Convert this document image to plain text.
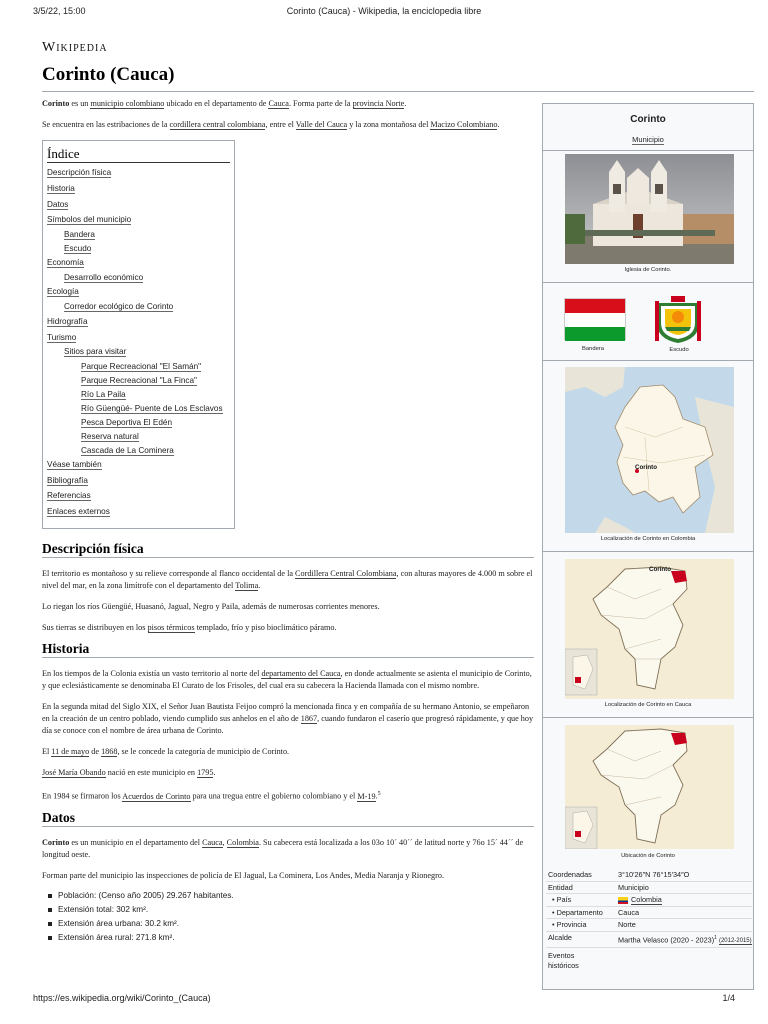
3/5/22, 15:00	Corinto (Cauca) - Wikipedia, la enciclopedia libre
Wikipedia
Corinto (Cauca)

Corinto es un municipio colombiano ubicado en el departamento de Cauca. Forma parte de la provincia Norte.

Se encuentra en las estribaciones de la cordillera central colombiana, entre el Valle del Cauca y la zona montañosa del Macizo Colombiano.

Índice
Descripción física
Historia
Datos
Símbolos del municipio
Bandera
Escudo
Economía
Desarrollo económico
Ecología
Corredor ecológico de Corinto
Hidrografía
Turismo
Sitios para visitar
Parque Recreacional "El Samán"
Parque Recreacional "La Finca"
Río La Paila
Río Güengüé- Puente de Los Esclavos
Pesca Deportiva El Edén
Reserva natural
Cascada de La Cominera
Véase también
Bibliografía
Referencias
Enlaces externos
Descripción física

El territorio es montañoso y su relieve corresponde al flanco occidental de la Cordillera Central Colombiana, con alturas mayores de 4.000 m sobre el nivel del mar, en la zona limítrofe con el departamento del Tolima.

Lo riegan los ríos Güengüé, Huasanó, Jagual, Negro y Paila, además de numerosas corrientes menores.

Sus tierras se distribuyen en los pisos térmicos templado, frío y piso bioclimático páramo.

Historia

En los tiempos de la Colonia existía un vasto territorio al norte del departamento del Cauca, en donde actualmente se asienta el municipio de Corinto, y que eclesiásticamente se denominaba El Curato de los Frisoles, del cual era su cabecera la Hacienda llamada con el mismo nombre.

En la segunda mitad del Siglo XIX, el Señor Juan Bautista Feijoo compró la mencionada finca y en compañía de su hermano Antonio, se empeñaron en la creación de un centro poblado, viendo cumplido sus anhelos en el año de 1867, cuando fundaron el caserío que progresó rápidamente, y que hoy día se conoce con el nombre de área urbana de Corinto.

El 11 de mayo de 1868, se le concede la categoría de municipio de Corinto.

José María Obando nació en este municipio en 1795.

En 1984 se firmaron los Acuerdos de Corinto para una tregua entre el gobierno colombiano y el M-19.$^5$

Datos

Corinto es un municipio en el departamento del Cauca, Colombia. Su cabecera está localizada a los 03o 10´ 40´´ de latitud norte y 76o 15´ 44´´ de longitud oeste.

Forman parte del municipio las inspecciones de policía de El Jagual, La Cominera, Los Andes, Media Naranja y Rionegro.

Población: (Censo año 2005) 29.267 habitantes.
Extensión total: 302 km².
Extensión área urbana: 30.2 km².
Extensión área rural: 271.8 km².
Corinto
Municipio
Iglesia de Corinto.
Bandera	Escudo
Corinto
Localización de Corinto en Colombia
Corinto
Localización de Corinto en Cauca
Ubicación de Corinto
Coordenadas	3°10′26″N 76°15′34″O
Entidad	Municipio
• País	Colombia
• Departamento	Cauca
• Provincia	Norte
Alcalde	Martha Velasco (2020 - 2023)$^1$ (2012-2015)
Eventos históricos
https://es.wikipedia.org/wiki/Corinto_(Cauca)	1/4
